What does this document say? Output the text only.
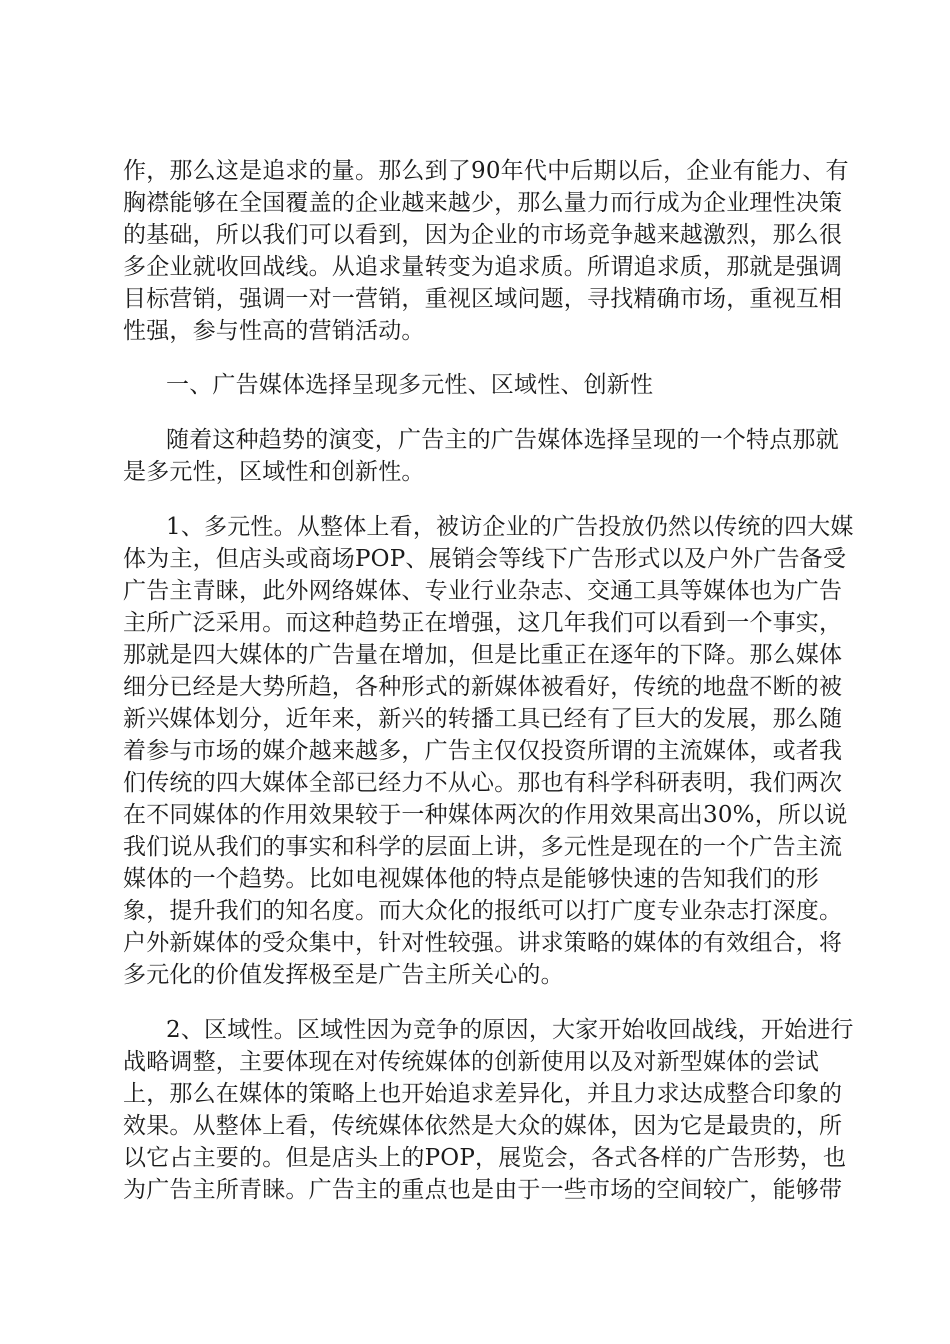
作，那么这是追求的量。那么到了90年代中后期以后，企业有能力、有
胸襟能够在全国覆盖的企业越来越少，那么量力而行成为企业理性决策
的基础，所以我们可以看到，因为企业的市场竞争越来越激烈，那么很
多企业就收回战线。从追求量转变为追求质。所谓追求质，那就是强调
目标营销，强调一对一营销，重视区域问题，寻找精确市场，重视互相
性强，参与性高的营销活动。
一、广告媒体选择呈现多元性、区域性、创新性
随着这种趋势的演变，广告主的广告媒体选择呈现的一个特点那就
是多元性，区域性和创新性。
1、多元性。从整体上看，被访企业的广告投放仍然以传统的四大媒
体为主，但店头或商场POP、展销会等线下广告形式以及户外广告备受
广告主青睐，此外网络媒体、专业行业杂志、交通工具等媒体也为广告
主所广泛采用。而这种趋势正在增强，这几年我们可以看到一个事实，
那就是四大媒体的广告量在增加，但是比重正在逐年的下降。那么媒体
细分已经是大势所趋，各种形式的新媒体被看好，传统的地盘不断的被
新兴媒体划分，近年来，新兴的转播工具已经有了巨大的发展，那么随
着参与市场的媒介越来越多，广告主仅仅投资所谓的主流媒体，或者我
们传统的四大媒体全部已经力不从心。那也有科学科研表明，我们两次
在不同媒体的作用效果较于一种媒体两次的作用效果高出30%，所以说
我们说从我们的事实和科学的层面上讲，多元性是现在的一个广告主流
媒体的一个趋势。比如电视媒体他的特点是能够快速的告知我们的形
象，提升我们的知名度。而大众化的报纸可以打广度专业杂志打深度。
户外新媒体的受众集中，针对性较强。讲求策略的媒体的有效组合，将
多元化的价值发挥极至是广告主所关心的。
2、区域性。区域性因为竞争的原因，大家开始收回战线，开始进行
战略调整，主要体现在对传统媒体的创新使用以及对新型媒体的尝试
上，那么在媒体的策略上也开始追求差异化，并且力求达成整合印象的
效果。从整体上看，传统媒体依然是大众的媒体，因为它是最贵的，所
以它占主要的。但是店头上的POP，展览会，各式各样的广告形势，也
为广告主所青睐。广告主的重点也是由于一些市场的空间较广，能够带
